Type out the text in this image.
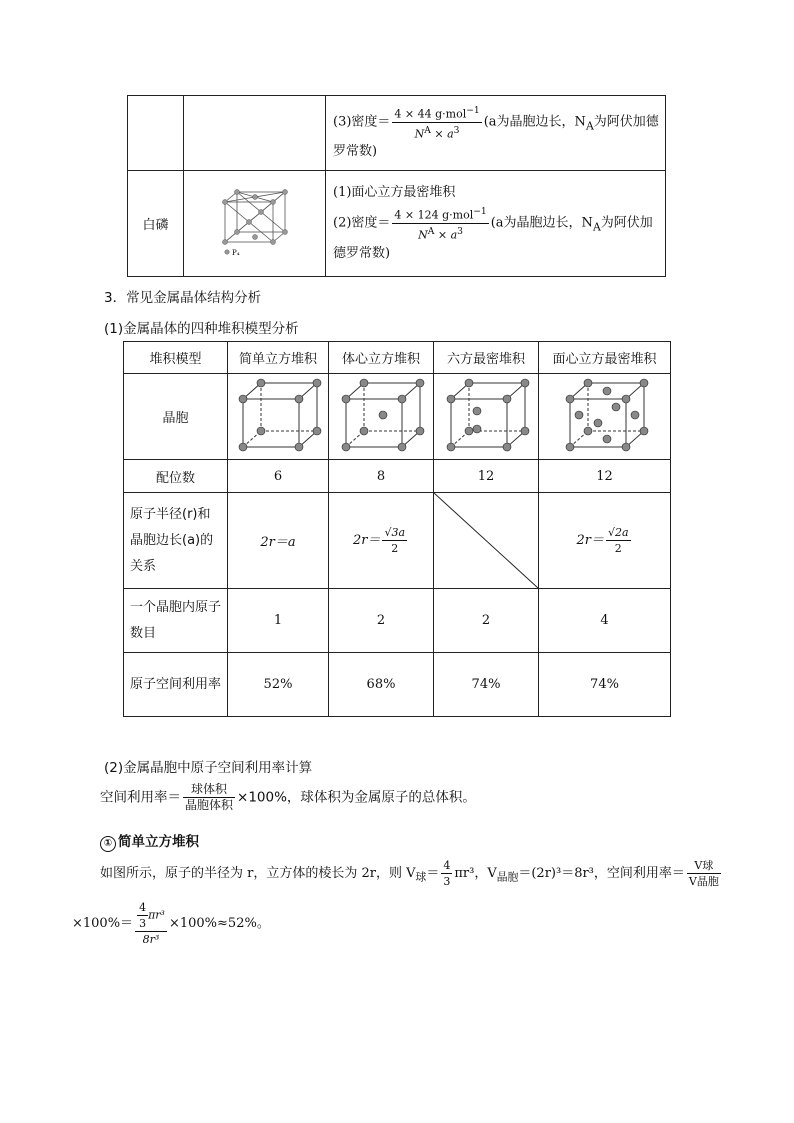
		(3)密度＝ $\frac{4 \times 44 g\cdot mol^{-1}}{N^A \times a^3} (a$为晶胞边长，$N_A$为阿伏加德罗常数)
白磷	P₄	(1)面心立方最密堆积
(2)密度＝ $\frac{4 \times 124 g\cdot mol^{-1}}{N^A \times a^3} (a$为晶胞边长，$N_A$为阿伏加德罗常数)
3．常见金属晶体结构分析
(1)金属晶体的四种堆积模型分析
堆积模型	简单立方堆积	体心立方堆积	六方最密堆积	面心立方最密堆积
晶胞				
配位数	6	8	12	12
原子半径(r)和晶胞边长(a)的关系	2r＝a	$2r= \frac{√3a}{2}$		$2r= \frac{√2a}{2}$

一个晶胞内原子数目	1	2	2	4
原子空间利用率	52%	68%	74%	74%
(2)金属晶胞中原子空间利用率计算
空间利用率＝ $\frac{\text{球体积}}{\text{晶胞体积}} \times 100\%$，球体积为金属原子的总体积。
① 简单立方堆积
如图所示，原子的半径为 r，立方体的棱长为 2r，则 $V_球= \frac{4}{3} \pi r^3$，$V_{晶胞}=(2r)^3=8r^3$，空间利用率＝ $\frac{\text{V球}}{\text{V晶胞}}$
$\times 100\%= \frac{\frac{4}{3} \pi r^3}{\text{8r³}} \times 100\%\approx 52\%$。
